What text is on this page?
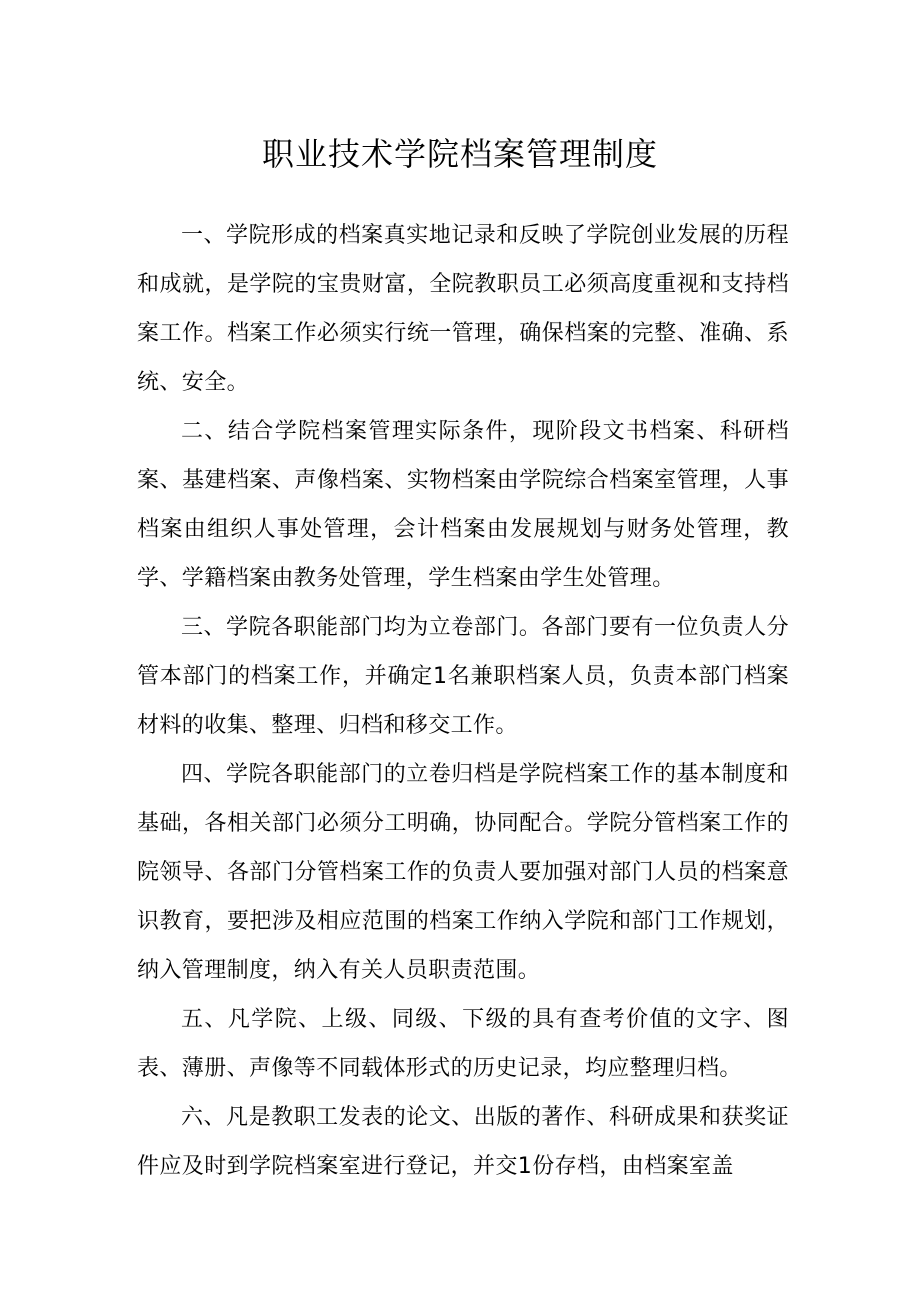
职业技术学院档案管理制度

一、学院形成的档案真实地记录和反映了学院创业发展的历程和成就，是学院的宝贵财富，全院教职员工必须高度重视和支持档案工作。档案工作必须实行统一管理，确保档案的完整、准确、系统、安全。

二、结合学院档案管理实际条件，现阶段文书档案、科研档案、基建档案、声像档案、实物档案由学院综合档案室管理，人事档案由组织人事处管理，会计档案由发展规划与财务处管理，教学、学籍档案由教务处管理，学生档案由学生处管理。

三、学院各职能部门均为立卷部门。各部门要有一位负责人分管本部门的档案工作，并确定1名兼职档案人员，负责本部门档案材料的收集、整理、归档和移交工作。

四、学院各职能部门的立卷归档是学院档案工作的基本制度和基础，各相关部门必须分工明确，协同配合。学院分管档案工作的院领导、各部门分管档案工作的负责人要加强对部门人员的档案意识教育，要把涉及相应范围的档案工作纳入学院和部门工作规划，纳入管理制度，纳入有关人员职责范围。

五、凡学院、上级、同级、下级的具有查考价值的文字、图表、薄册、声像等不同载体形式的历史记录，均应整理归档。

六、凡是教职工发表的论文、出版的著作、科研成果和获奖证件应及时到学院档案室进行登记，并交1份存档，由档案室盖
